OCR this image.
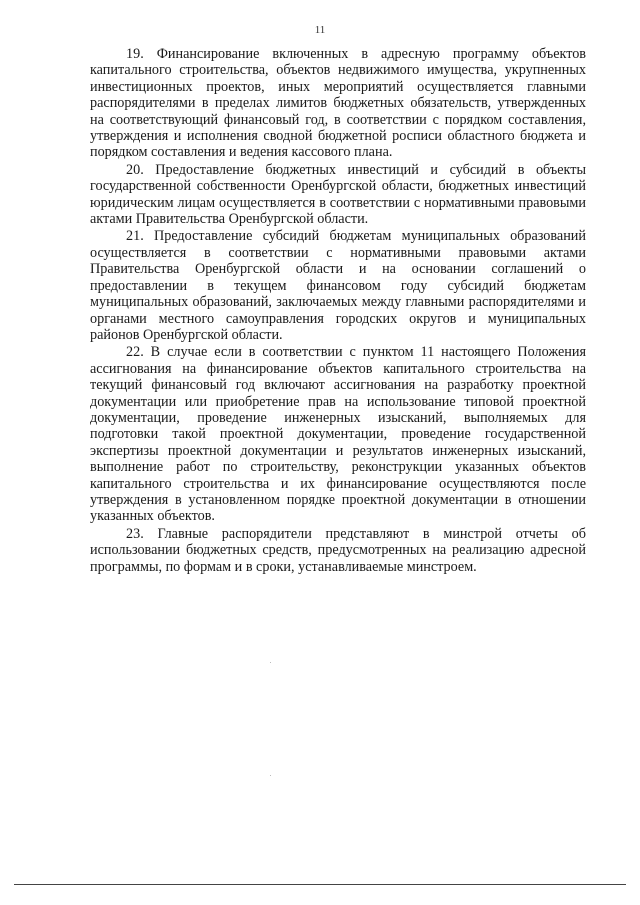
11

19. Финансирование включенных в адресную программу объектов капитального строительства, объектов недвижимого имущества, укрупненных инвестиционных проектов, иных мероприятий осуществляется главными распорядителями в пределах лимитов бюджетных обязательств, утвержденных на соответствующий финансовый год, в соответствии с порядком составления, утверждения и исполнения сводной бюджетной росписи областного бюджета и порядком составления и ведения кассового плана.

20. Предоставление бюджетных инвестиций и субсидий в объекты государственной собственности Оренбургской области, бюджетных инвестиций юридическим лицам осуществляется в соответствии с нормативными правовыми актами Правительства Оренбургской области.

21. Предоставление субсидий бюджетам муниципальных образований осуществляется в соответствии с нормативными правовыми актами Правительства Оренбургской области и на основании соглашений о предоставлении в текущем финансовом году субсидий бюджетам муниципальных образований, заключаемых между главными распорядителями и органами местного самоуправления городских округов и муниципальных районов Оренбургской области.

22. В случае если в соответствии с пунктом 11 настоящего Положения ассигнования на финансирование объектов капитального строительства на текущий финансовый год включают ассигнования на разработку проектной документации или приобретение прав на использование типовой проектной документации, проведение инженерных изысканий, выполняемых для подготовки такой проектной документации, проведение государственной экспертизы проектной документации и результатов инженерных изысканий, выполнение работ по строительству, реконструкции указанных объектов капитального строительства и их финансирование осуществляются после утверждения в установленном порядке проектной документации в отношении указанных объектов.

23. Главные распорядители представляют в минстрой отчеты об использовании бюджетных средств, предусмотренных на реализацию адресной программы, по формам и в сроки, устанавливаемые минстроем.
